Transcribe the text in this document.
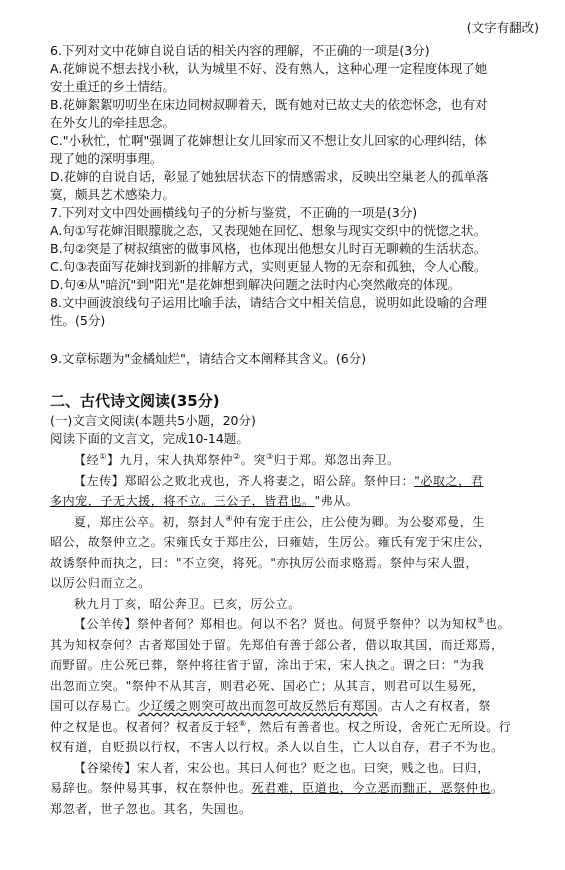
(文字有翻改)
6.下列对文中花婶自说自话的相关内容的理解，不正确的一项是(3分)
A.花婶说不想去找小秋，认为城里不好、没有熟人，这种心理一定程度体现了她
安土重迁的乡土情结。
B.花婶絮絮叨叨坐在床边同树叔聊着天，既有她对已故丈夫的依恋怀念，也有对
在外女儿的牵挂思念。
C."小秋忙，忙啊"强调了花婶想让女儿回家而又不想让女儿回家的心理纠结，体
现了她的深明事理。
D.花婶的自说自话，彰显了她独居状态下的情感需求，反映出空巢老人的孤单落
寞，颇具艺术感染力。
7.下列对文中四处画横线句子的分析与鉴赏，不正确的一项是(3分)
A.句①写花婶泪眼朦胧之态，又表现她在回忆、想象与现实交织中的恍惚之状。
B.句②突是了树叔缜密的做事风格，也体现出他想女儿时百无聊赖的生活状态。
C.句③表面写花婶找到新的排解方式，实则更显人物的无奈和孤独，令人心酸。
D.句④从"暗沉"到"阳光"是花婶想到解决问题之法时内心突然敞亮的体现。
8.文中画波浪线句子运用比喻手法，请结合文中相关信息，说明如此设喻的合理
性。(5分)
9.文章标题为"金橘灿烂"，请结合文本阐释其含义。(6分)
二、古代诗文阅读(35分)
(一)文言文阅读(本题共5小题，20分)
阅读下面的文言文，完成10-14题。
【经①】九月，宋人执郑祭仲②。突③归于郑。郑忽出奔卫。
【左传】郑昭公之败北戎也，齐人将妻之，昭公辞。祭仲曰："必取之，君
多内宠，子无大援，将不立。三公子，皆君也。"弗从。
夏，郑庄公卒。初，祭封人④仲有宠于庄公，庄公使为卿。为公娶邓曼，生
昭公，故祭仲立之。宋雍氏女于郑庄公，曰雍姞，生厉公。雍氏有宠于宋庄公，
故诱祭仲而执之，曰："不立突，将死。"亦执厉公而求赂焉。祭仲与宋人盟，
以厉公归而立之。
秋九月丁亥，昭公奔卫。已亥，厉公立。
【公羊传】祭仲者何？郑相也。何以不名？贤也。何贤乎祭仲？以为知权⑤也。
其为知权奈何？古者郑国处于留。先郑伯有善于郐公者，借以取其国，而迁郑焉，
而野留。庄公死已葬，祭仲将往省于留，涂出于宋，宋人执之。谓之曰："为我
出忽而立突。"祭仲不从其言，则君必死、国必亡；从其言，则君可以生易死，
国可以存易亡。少辽缓之则突可故出而忽可故反然后有郑国。古人之有权者，祭
仲之权是也。权者何？权者反于轻⑥，然后有善者也。权之所设，舍死亡无所设。行
权有道，自贬损以行权，不害人以行权。杀人以自生，亡人以自存，君子不为也。
【谷梁传】宋人者，宋公也。其曰人何也？贬之也。曰突，贱之也。曰归，
易辞也。祭仲易其事，权在祭仲也。死君难，臣道也，今立恶而黜正，恶祭仲也。
郑忽者，世子忽也。其名，失国也。
